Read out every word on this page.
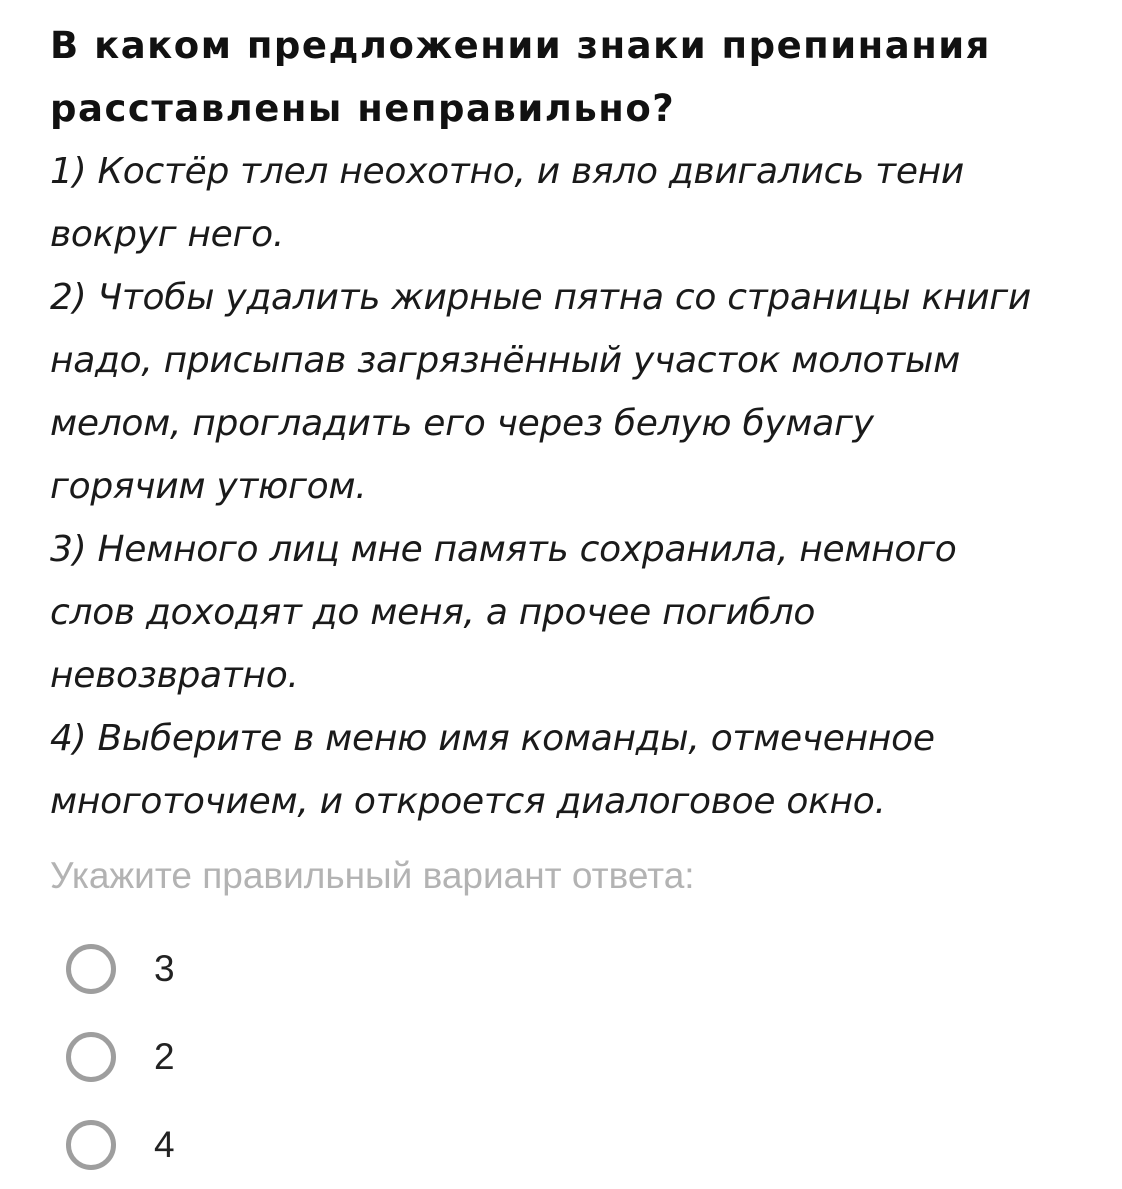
В каком предложении знаки препинания
расставлены неправильно?

1) Костёр тлел неохотно, и вяло двигались тени

вокруг него.

2) Чтобы удалить жирные пятна со страницы книги

надо, присыпав загрязнённый участок молотым

мелом, прогладить его через белую бумагу

горячим утюгом.

3) Немного лиц мне память сохранила, немного

слов доходят до меня, а прочее погибло

невозвратно.

4) Выберите в меню имя команды, отмеченное

многоточием, и откроется диалоговое окно.

Укажите правильный вариант ответа:

3
2
4
